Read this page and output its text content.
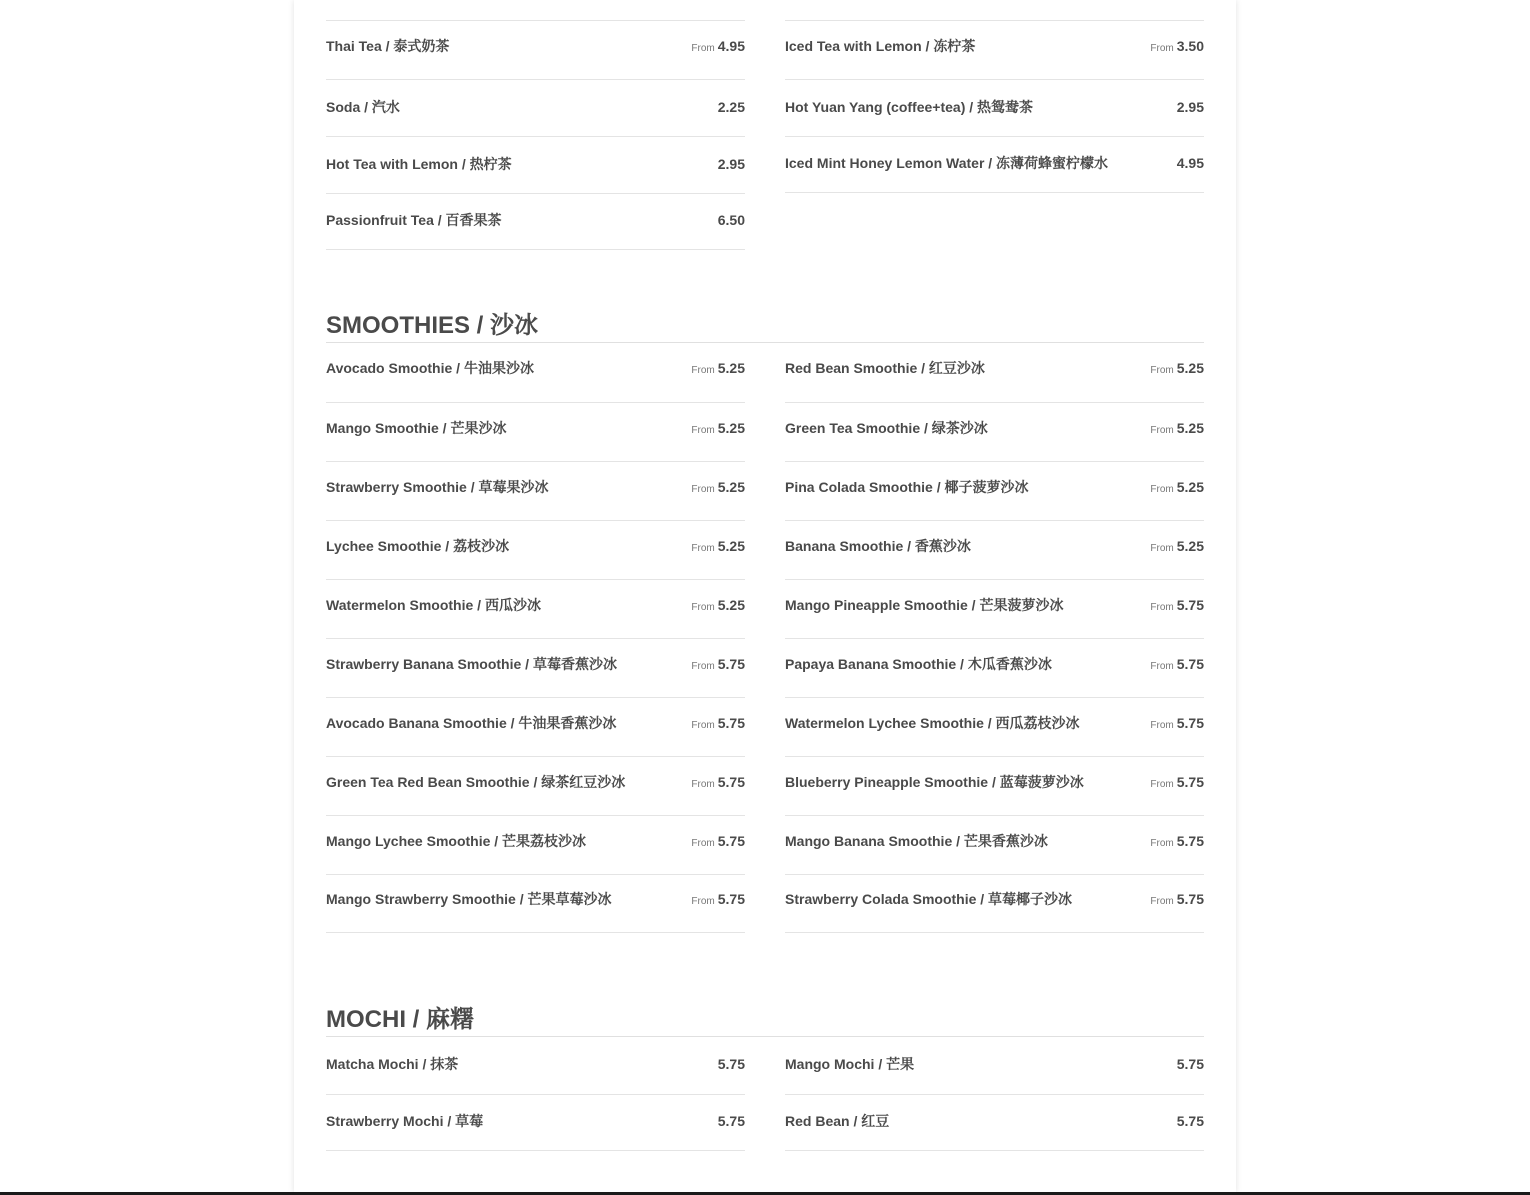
Thai Tea / 泰式奶茶	From 4.95
Soda / 汽水	2.25
Hot Tea with Lemon / 热柠茶	2.95
Passionfruit Tea / 百香果茶	6.50
Iced Tea with Lemon / 冻柠茶	From 3.50
Hot Yuan Yang (coffee+tea) / 热鸳鸯茶	2.95
Iced Mint Honey Lemon Water / 冻薄荷蜂蜜柠檬水	4.95
SMOOTHIES / 沙冰
Avocado Smoothie / 牛油果沙冰	From 5.25
Mango Smoothie / 芒果沙冰	From 5.25
Strawberry Smoothie / 草莓果沙冰	From 5.25
Lychee Smoothie / 荔枝沙冰	From 5.25
Watermelon Smoothie / 西瓜沙冰	From 5.25
Strawberry Banana Smoothie / 草莓香蕉沙冰	From 5.75
Avocado Banana Smoothie / 牛油果香蕉沙冰	From 5.75
Green Tea Red Bean Smoothie / 绿茶红豆沙冰	From 5.75
Mango Lychee Smoothie / 芒果荔枝沙冰	From 5.75
Mango Strawberry Smoothie / 芒果草莓沙冰	From 5.75
Red Bean Smoothie / 红豆沙冰	From 5.25
Green Tea Smoothie / 绿茶沙冰	From 5.25
Pina Colada Smoothie / 椰子菠萝沙冰	From 5.25
Banana Smoothie / 香蕉沙冰	From 5.25
Mango Pineapple Smoothie / 芒果菠萝沙冰	From 5.75
Papaya Banana Smoothie / 木瓜香蕉沙冰	From 5.75
Watermelon Lychee Smoothie / 西瓜荔枝沙冰	From 5.75
Blueberry Pineapple Smoothie / 蓝莓菠萝沙冰	From 5.75
Mango Banana Smoothie / 芒果香蕉沙冰	From 5.75
Strawberry Colada Smoothie / 草莓椰子沙冰	From 5.75
MOCHI / 麻糬
Matcha Mochi / 抹茶	5.75
Strawberry Mochi / 草莓	5.75
Mango Mochi / 芒果	5.75
Red Bean / 红豆	5.75
